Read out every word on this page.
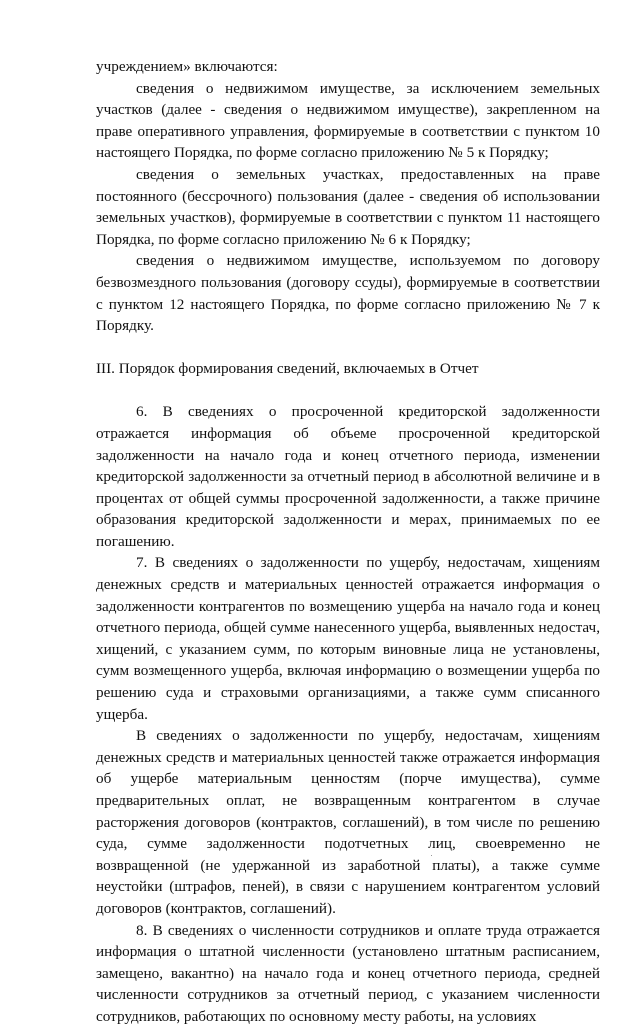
учреждением» включаются:

сведения о недвижимом имуществе, за исключением земельных участков (далее - сведения о недвижимом имуществе), закрепленном на праве оперативного управления, формируемые в соответствии с пунктом 10 настоящего Порядка, по форме согласно приложению № 5 к Порядку;

сведения о земельных участках, предоставленных на праве постоянного (бессрочного) пользования (далее - сведения об использовании земельных участков), формируемые в соответствии с пунктом 11 настоящего Порядка, по форме согласно приложению № 6 к Порядку;

сведения о недвижимом имуществе, используемом по договору безвозмездного пользования (договору ссуды), формируемые в соответствии с пунктом 12 настоящего Порядка, по форме согласно приложению № 7 к Порядку.

III. Порядок формирования сведений, включаемых в Отчет

6. В сведениях о просроченной кредиторской задолженности отражается информация об объеме просроченной кредиторской задолженности на начало года и конец отчетного периода, изменении кредиторской задолженности за отчетный период в абсолютной величине и в процентах от общей суммы просроченной задолженности, а также причине образования кредиторской задолженности и мерах, принимаемых по ее погашению.

7. В сведениях о задолженности по ущербу, недостачам, хищениям денежных средств и материальных ценностей отражается информация о задолженности контрагентов по возмещению ущерба на начало года и конец отчетного периода, общей сумме нанесенного ущерба, выявленных недостач, хищений, с указанием сумм, по которым виновные лица не установлены, сумм возмещенного ущерба, включая информацию о возмещении ущерба по решению суда и страховыми организациями, а также сумм списанного ущерба.

В сведениях о задолженности по ущербу, недостачам, хищениям денежных средств и материальных ценностей также отражается информация об ущербе материальным ценностям (порче имущества), сумме предварительных оплат, не возвращенным контрагентом в случае расторжения договоров (контрактов, соглашений), в том числе по решению суда, сумме задолженности подотчетных лиц, своевременно не возвращенной (не удержанной из заработной платы), а также сумме неустойки (штрафов, пеней), в связи с нарушением контрагентом условий договоров (контрактов, соглашений).

8. В сведениях о численности сотрудников и оплате труда отражается информация о штатной численности (установлено штатным расписанием, замещено, вакантно) на начало года и конец отчетного периода, средней численности сотрудников за отчетный период, с указанием численности сотрудников, работающих по основному месту работы, на условиях
